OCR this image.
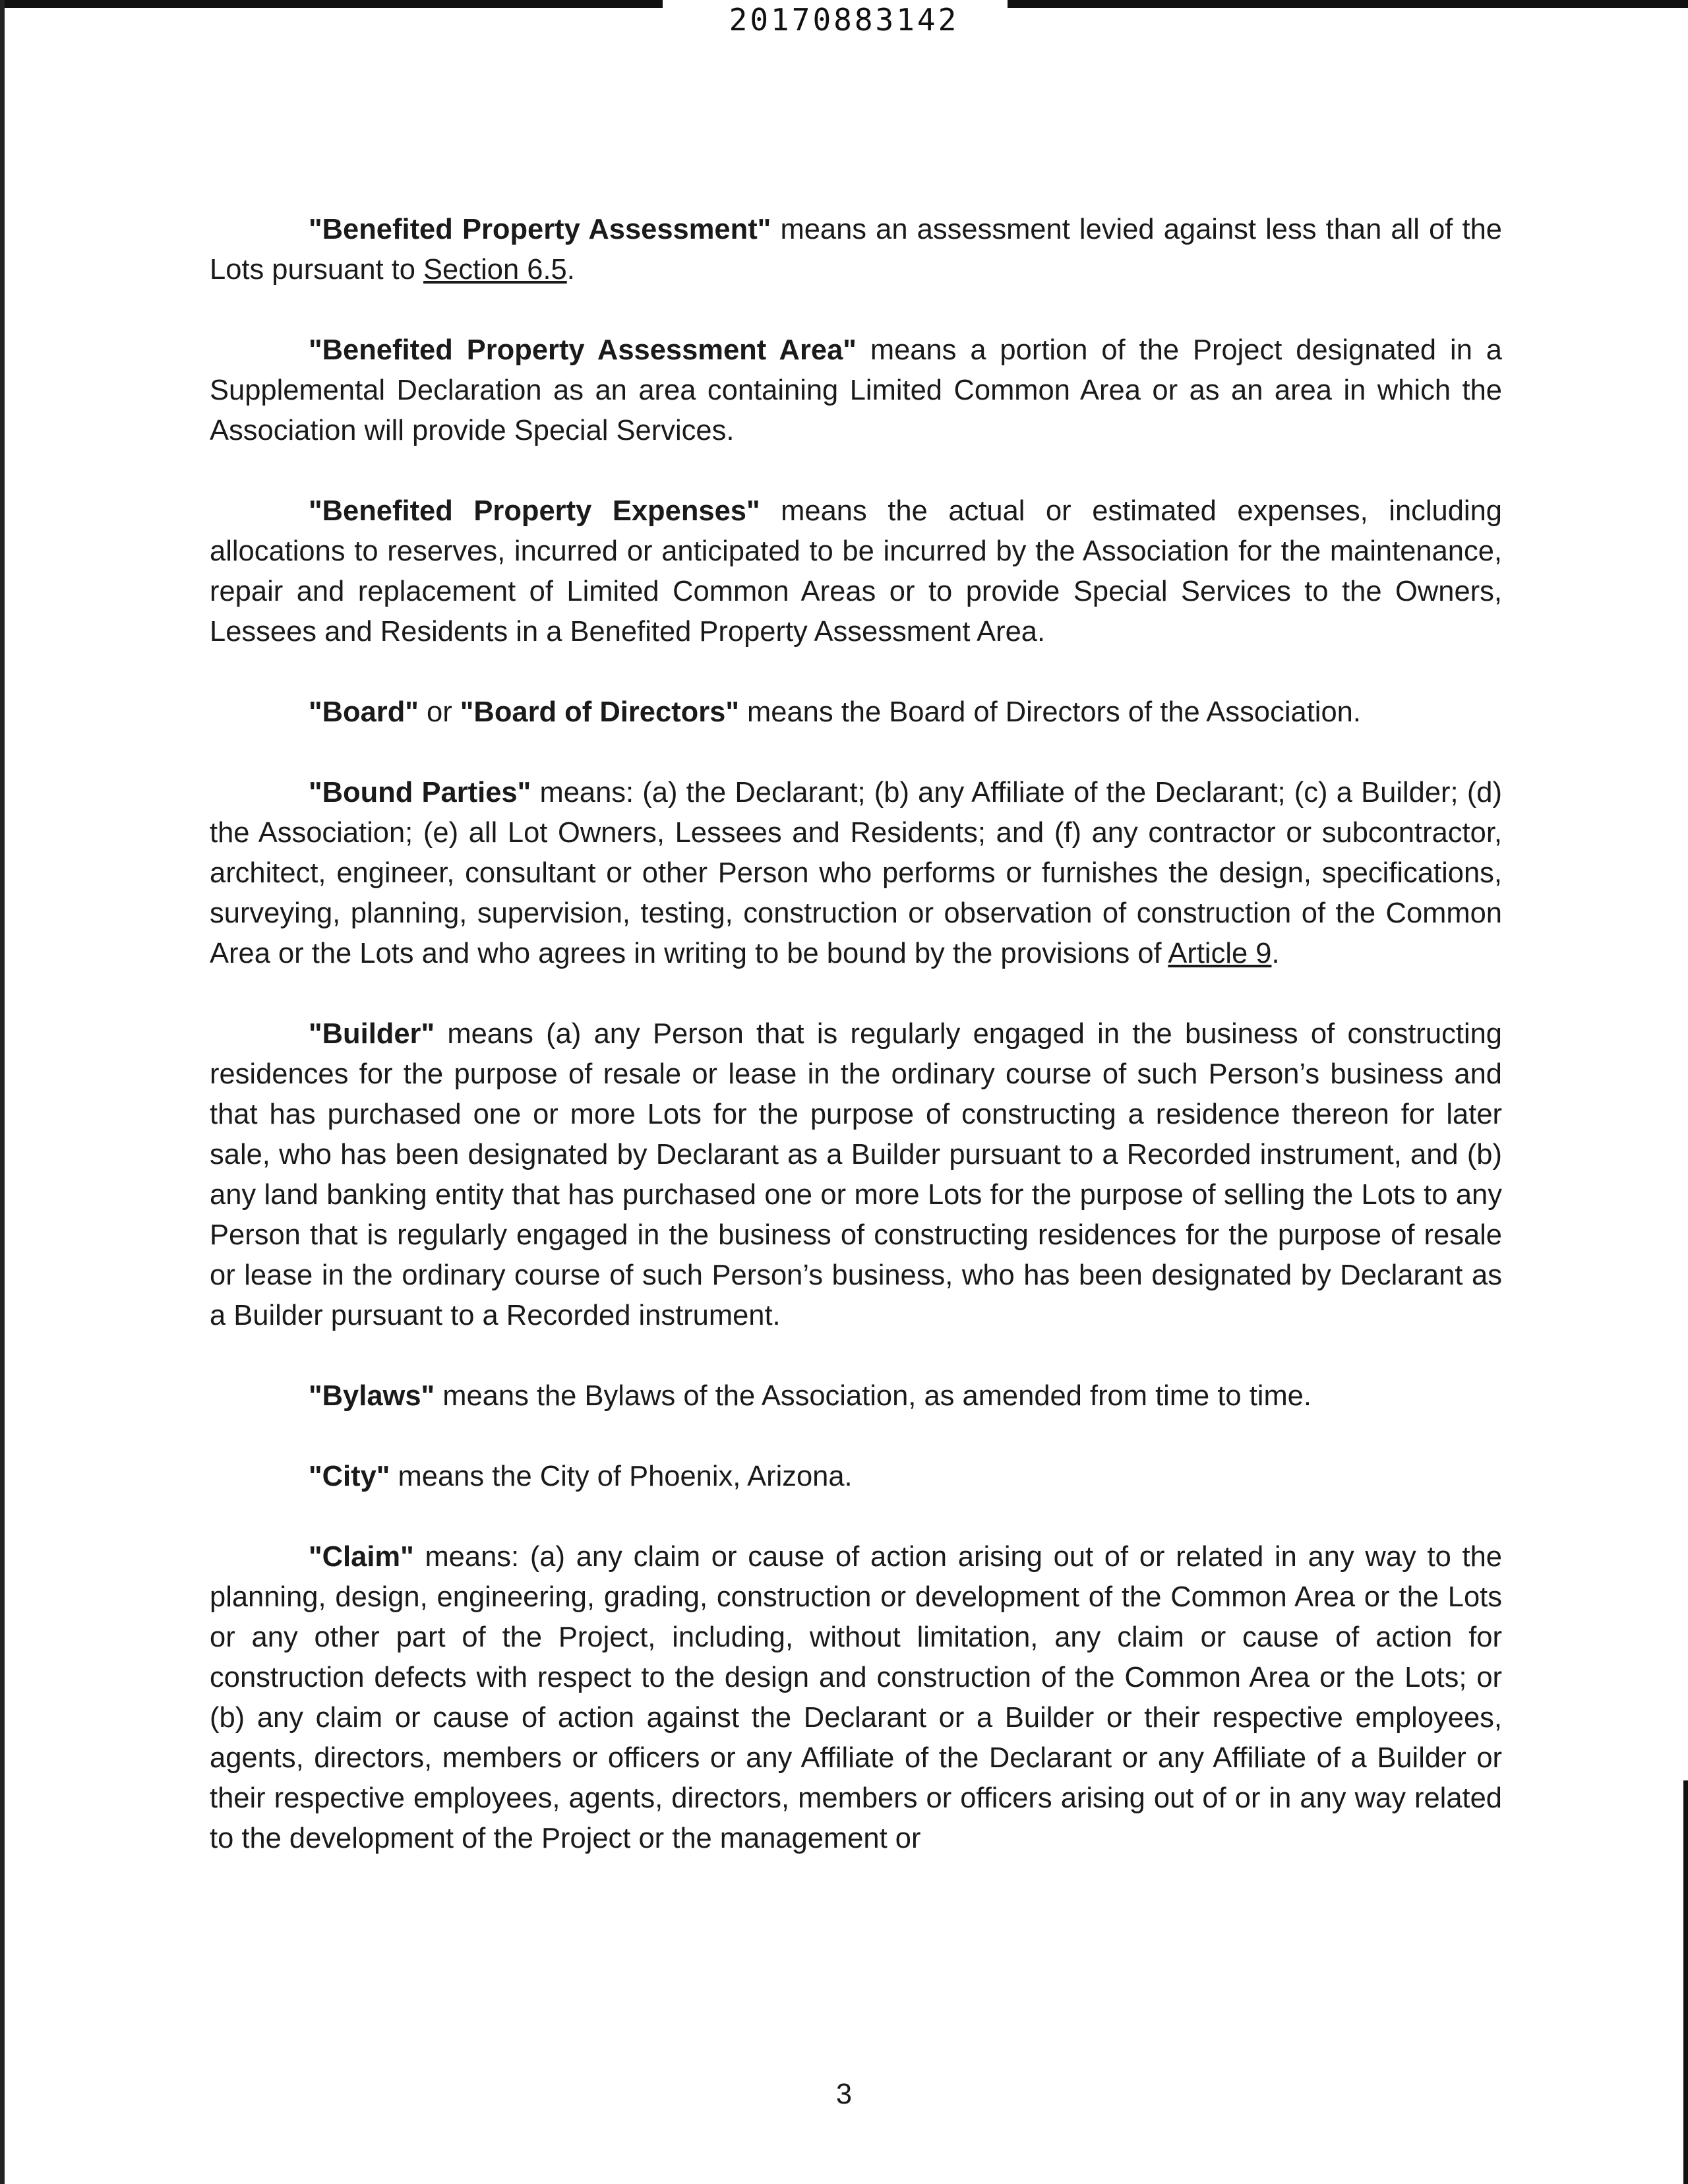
20170883142

"Benefited Property Assessment" means an assessment levied against less than all of the Lots pursuant to Section 6.5.

"Benefited Property Assessment Area" means a portion of the Project designated in a Supplemental Declaration as an area containing Limited Common Area or as an area in which the Association will provide Special Services.

"Benefited Property Expenses" means the actual or estimated expenses, including allocations to reserves, incurred or anticipated to be incurred by the Association for the maintenance, repair and replacement of Limited Common Areas or to provide Special Services to the Owners, Lessees and Residents in a Benefited Property Assessment Area.

"Board" or "Board of Directors" means the Board of Directors of the Association.

"Bound Parties" means: (a) the Declarant; (b) any Affiliate of the Declarant; (c) a Builder; (d) the Association; (e) all Lot Owners, Lessees and Residents; and (f) any contractor or subcontractor, architect, engineer, consultant or other Person who performs or furnishes the design, specifications, surveying, planning, supervision, testing, construction or observation of construction of the Common Area or the Lots and who agrees in writing to be bound by the provisions of Article 9.

"Builder" means (a) any Person that is regularly engaged in the business of constructing residences for the purpose of resale or lease in the ordinary course of such Person’s business and that has purchased one or more Lots for the purpose of constructing a residence thereon for later sale, who has been designated by Declarant as a Builder pursuant to a Recorded instrument, and (b) any land banking entity that has purchased one or more Lots for the purpose of selling the Lots to any Person that is regularly engaged in the business of constructing residences for the purpose of resale or lease in the ordinary course of such Person’s business, who has been designated by Declarant as a Builder pursuant to a Recorded instrument.

"Bylaws" means the Bylaws of the Association, as amended from time to time.

"City" means the City of Phoenix, Arizona.

"Claim" means: (a) any claim or cause of action arising out of or related in any way to the planning, design, engineering, grading, construction or development of the Common Area or the Lots or any other part of the Project, including, without limitation, any claim or cause of action for construction defects with respect to the design and construction of the Common Area or the Lots; or (b) any claim or cause of action against the Declarant or a Builder or their respective employees, agents, directors, members or officers or any Affiliate of the Declarant or any Affiliate of a Builder or their respective employees, agents, directors, members or officers arising out of or in any way related to the development of the Project or the management or

3
